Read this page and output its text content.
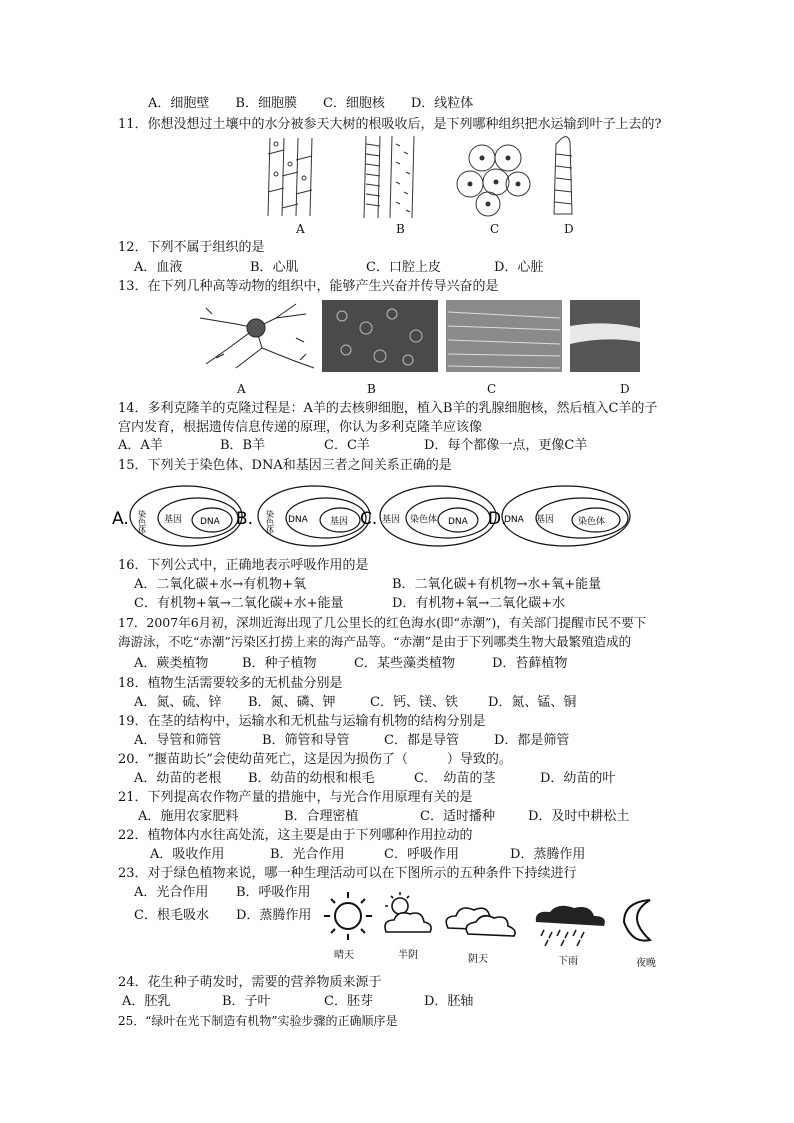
A．细胞壁　　B．细胞膜　　C．细胞核　　D．线粒体
11．你想没想过土壤中的水分被参天大树的根吸收后，是下列哪种组织把水运输到叶子上去的?
A	B	C	D
12．下列不属于组织的是
A．血液	B．心肌	C．口腔上皮	D．心脏
13．在下列几种高等动物的组织中，能够产生兴奋并传导兴奋的是
A	B	C	D
14．多利克隆羊的克隆过程是：A羊的去核卵细胞，植入B羊的乳腺细胞核，然后植入C羊的子
宫内发育，根据遗传信息传递的原理，你认为多利克隆羊应该像
A．A羊	B．B羊	C．C羊	D．每个都像一点，更像C羊
15．下列关于染色体、DNA和基因三者之间关系正确的是
A. 染色体 基因 DNA B. 染色体 DNA 基因 C. 基因 染色体 DNA D.
DNA 基因	染色体
16．下列公式中，正确地表示呼吸作用的是
A．二氧化碳+水→有机物+氧	B．二氧化碳+有机物→水+氧+能量
C．有机物+氧→二氧化碳+水+能量	D．有机物+氧→二氧化碳+水
17．2007年6月初，深圳近海出现了几公里长的红色海水(即“赤潮”)，有关部门提醒市民不要下
海游泳，不吃“赤潮”污染区打捞上来的海产品等。“赤潮”是由于下列哪类生物大最繁殖造成的
A．蕨类植物	B．种子植物	C．某些藻类植物	D．苔藓植物
18．植物生活需要较多的无机盐分别是
A．氮、硫、锌 B．氮、磷、钾	C．钙、镁、铁 D．氮、锰、铜
19．在茎的结构中，运输水和无机盐与运输有机物的结构分别是
A．导管和筛管	B．筛管和导管	C．都是导管	D．都是筛管
20．“揠苗助长”会使幼苗死亡，这是因为损伤了（　　　）导致的。
A．幼苗的老根 B．幼苗的幼根和根毛	C．　幼苗的茎	D．幼苗的叶
21．下列提高农作物产量的措施中，与光合作用原理有关的是
A．施用农家肥料	B．合理密植	C．适时播种	D．及时中耕松土
22．植物体内水往高处流，这主要是由于下列哪种作用拉动的
A．吸收作用	B．光合作用	C．呼吸作用	D．蒸腾作用
23．对于绿色植物来说，哪一种生理活动可以在下图所示的五种条件下持续进行
A．光合作用 B．呼吸作用
C．根毛吸水 D．蒸腾作用
晴天	半阴	阴天	下雨	夜晚
24．花生种子萌发时，需要的营养物质来源于
A．胚乳	B．子叶	C．胚芽	D．胚轴
25．“绿叶在光下制造有机物”实验步骤的正确顺序是
